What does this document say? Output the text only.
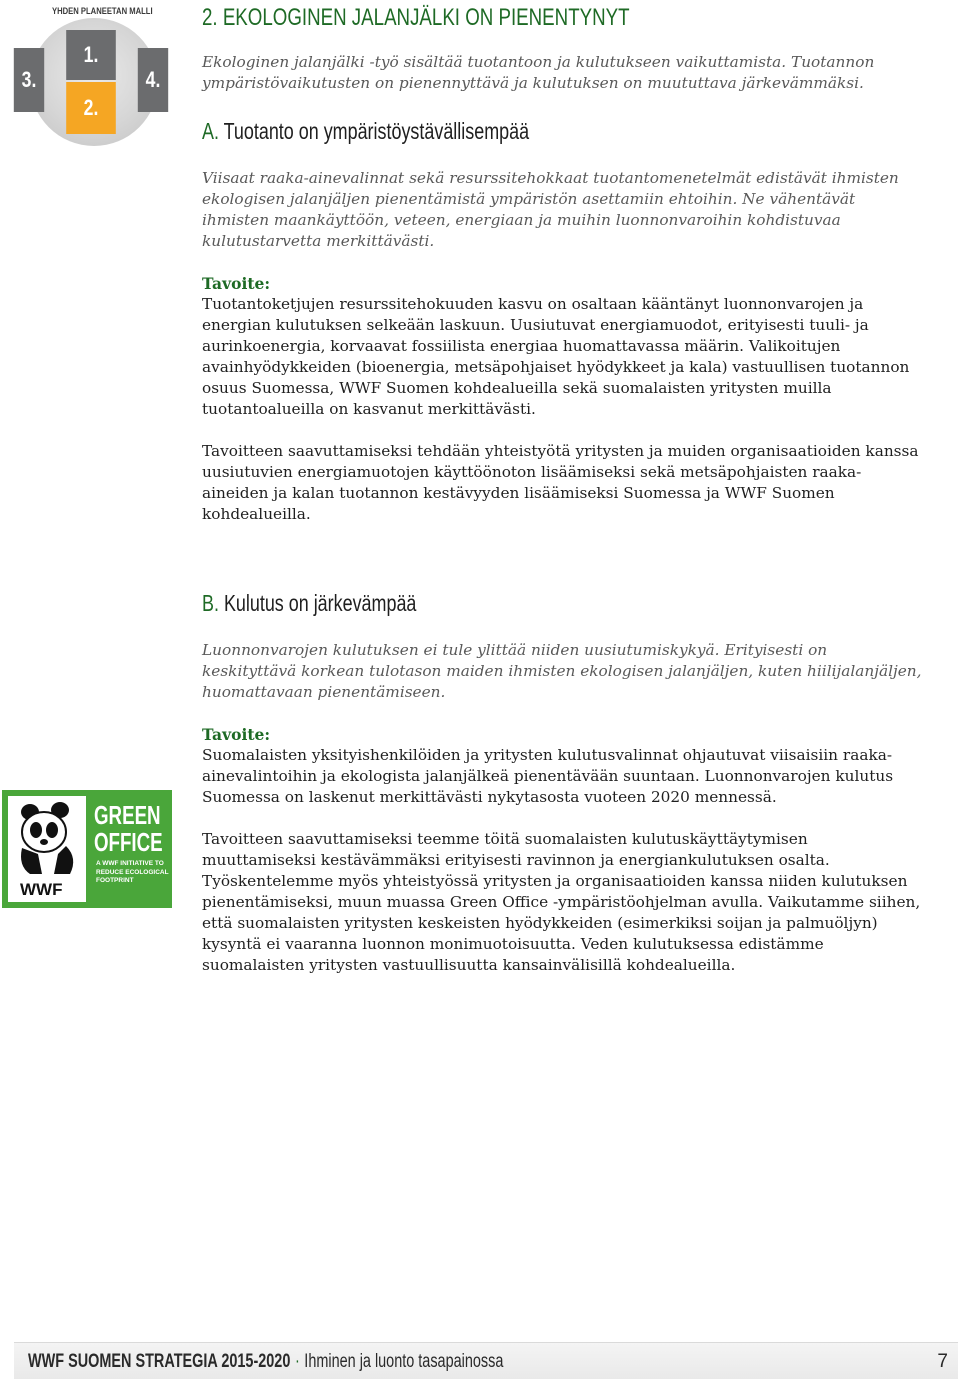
YHDEN PLANEETAN MALLI
3.	4.
1.
2.
2. EKOLOGINEN JALANJÄLKI ON PIENENTYNYT

Ekologinen jalanjälki -työ sisältää tuotantoon ja kulutukseen vaikuttamista. Tuotannon ympäristövaikutusten on pienennyttävä ja kulutuksen on muututtava järkevämmäksi.

A. Tuotanto on ympäristöystävällisempää

Viisaat raaka-ainevalinnat sekä resurssitehokkaat tuotantomenetelmät edistävät ihmisten ekologisen jalanjäljen pienentämistä ympäristön asettamiin ehtoihin. Ne vähentävät ihmisten maankäyttöön, veteen, energiaan ja muihin luonnonvaroihin kohdistuvaa kulutustarvetta merkittävästi.

Tavoite:

Tuotantoketjujen resurssitehokuuden kasvu on osaltaan kääntänyt luonnonvarojen ja energian kulutuksen selkeään laskuun. Uusiutuvat energiamuodot, erityisesti tuuli- ja aurinkoenergia, korvaavat fossiilista energiaa huomattavassa määrin. Valikoitujen avainhyödykkeiden (bioenergia, metsäpohjaiset hyödykkeet ja kala) vastuullisen tuotannon osuus Suomessa, WWF Suomen kohdealueilla sekä suomalaisten yritysten muilla tuotantoalueilla on kasvanut merkittävästi.

Tavoitteen saavuttamiseksi tehdään yhteistyötä yritysten ja muiden organisaatioiden kanssa uusiutuvien energiamuotojen käyttöönoton lisäämiseksi sekä metsäpohjaisten raaka-aineiden ja kalan tuotannon kestävyyden lisäämiseksi Suomessa ja WWF Suomen kohdealueilla.

B. Kulutus on järkevämpää

Luonnonvarojen kulutuksen ei tule ylittää niiden uusiutumiskykyä. Erityisesti on keskityttävä korkean tulotason maiden ihmisten ekologisen jalanjäljen, kuten hiilijalanjäljen, huomattavaan pienentämiseen.

Tavoite:

Suomalaisten yksityishenkilöiden ja yritysten kulutusvalinnat ohjautuvat viisaisiin raaka-ainevalintoihin ja ekologista jalanjälkeä pienentävään suuntaan. Luonnonvarojen kulutus Suomessa on laskenut merkittävästi nykytasosta vuoteen 2020 mennessä.

Tavoitteen saavuttamiseksi teemme töitä suomalaisten kulutuskäyttäytymisen muuttamiseksi kestävämmäksi erityisesti ravinnon ja energiankulutuksen osalta. Työskentelemme myös yhteistyössä yritysten ja organisaatioiden kanssa niiden kulutuksen pienentämiseksi, muun muassa Green Office -ympäristöohjelman avulla. Vaikutamme siihen, että suomalaisten yritysten keskeisten hyödykkeiden (esimerkiksi soijan ja palmuöljyn) kysyntä ei vaaranna luonnon monimuotoisuutta. Veden kulutuksessa edistämme suomalaisten yritysten vastuullisuutta kansainvälisillä kohdealueilla.

WWF
GREEN
OFFICE
A WWF INITIATIVE TO REDUCE ECOLOGICAL FOOTPRINT
WWF SUOMEN STRATEGIA 2015-2020 · Ihminen ja luonto tasapainossa	7
